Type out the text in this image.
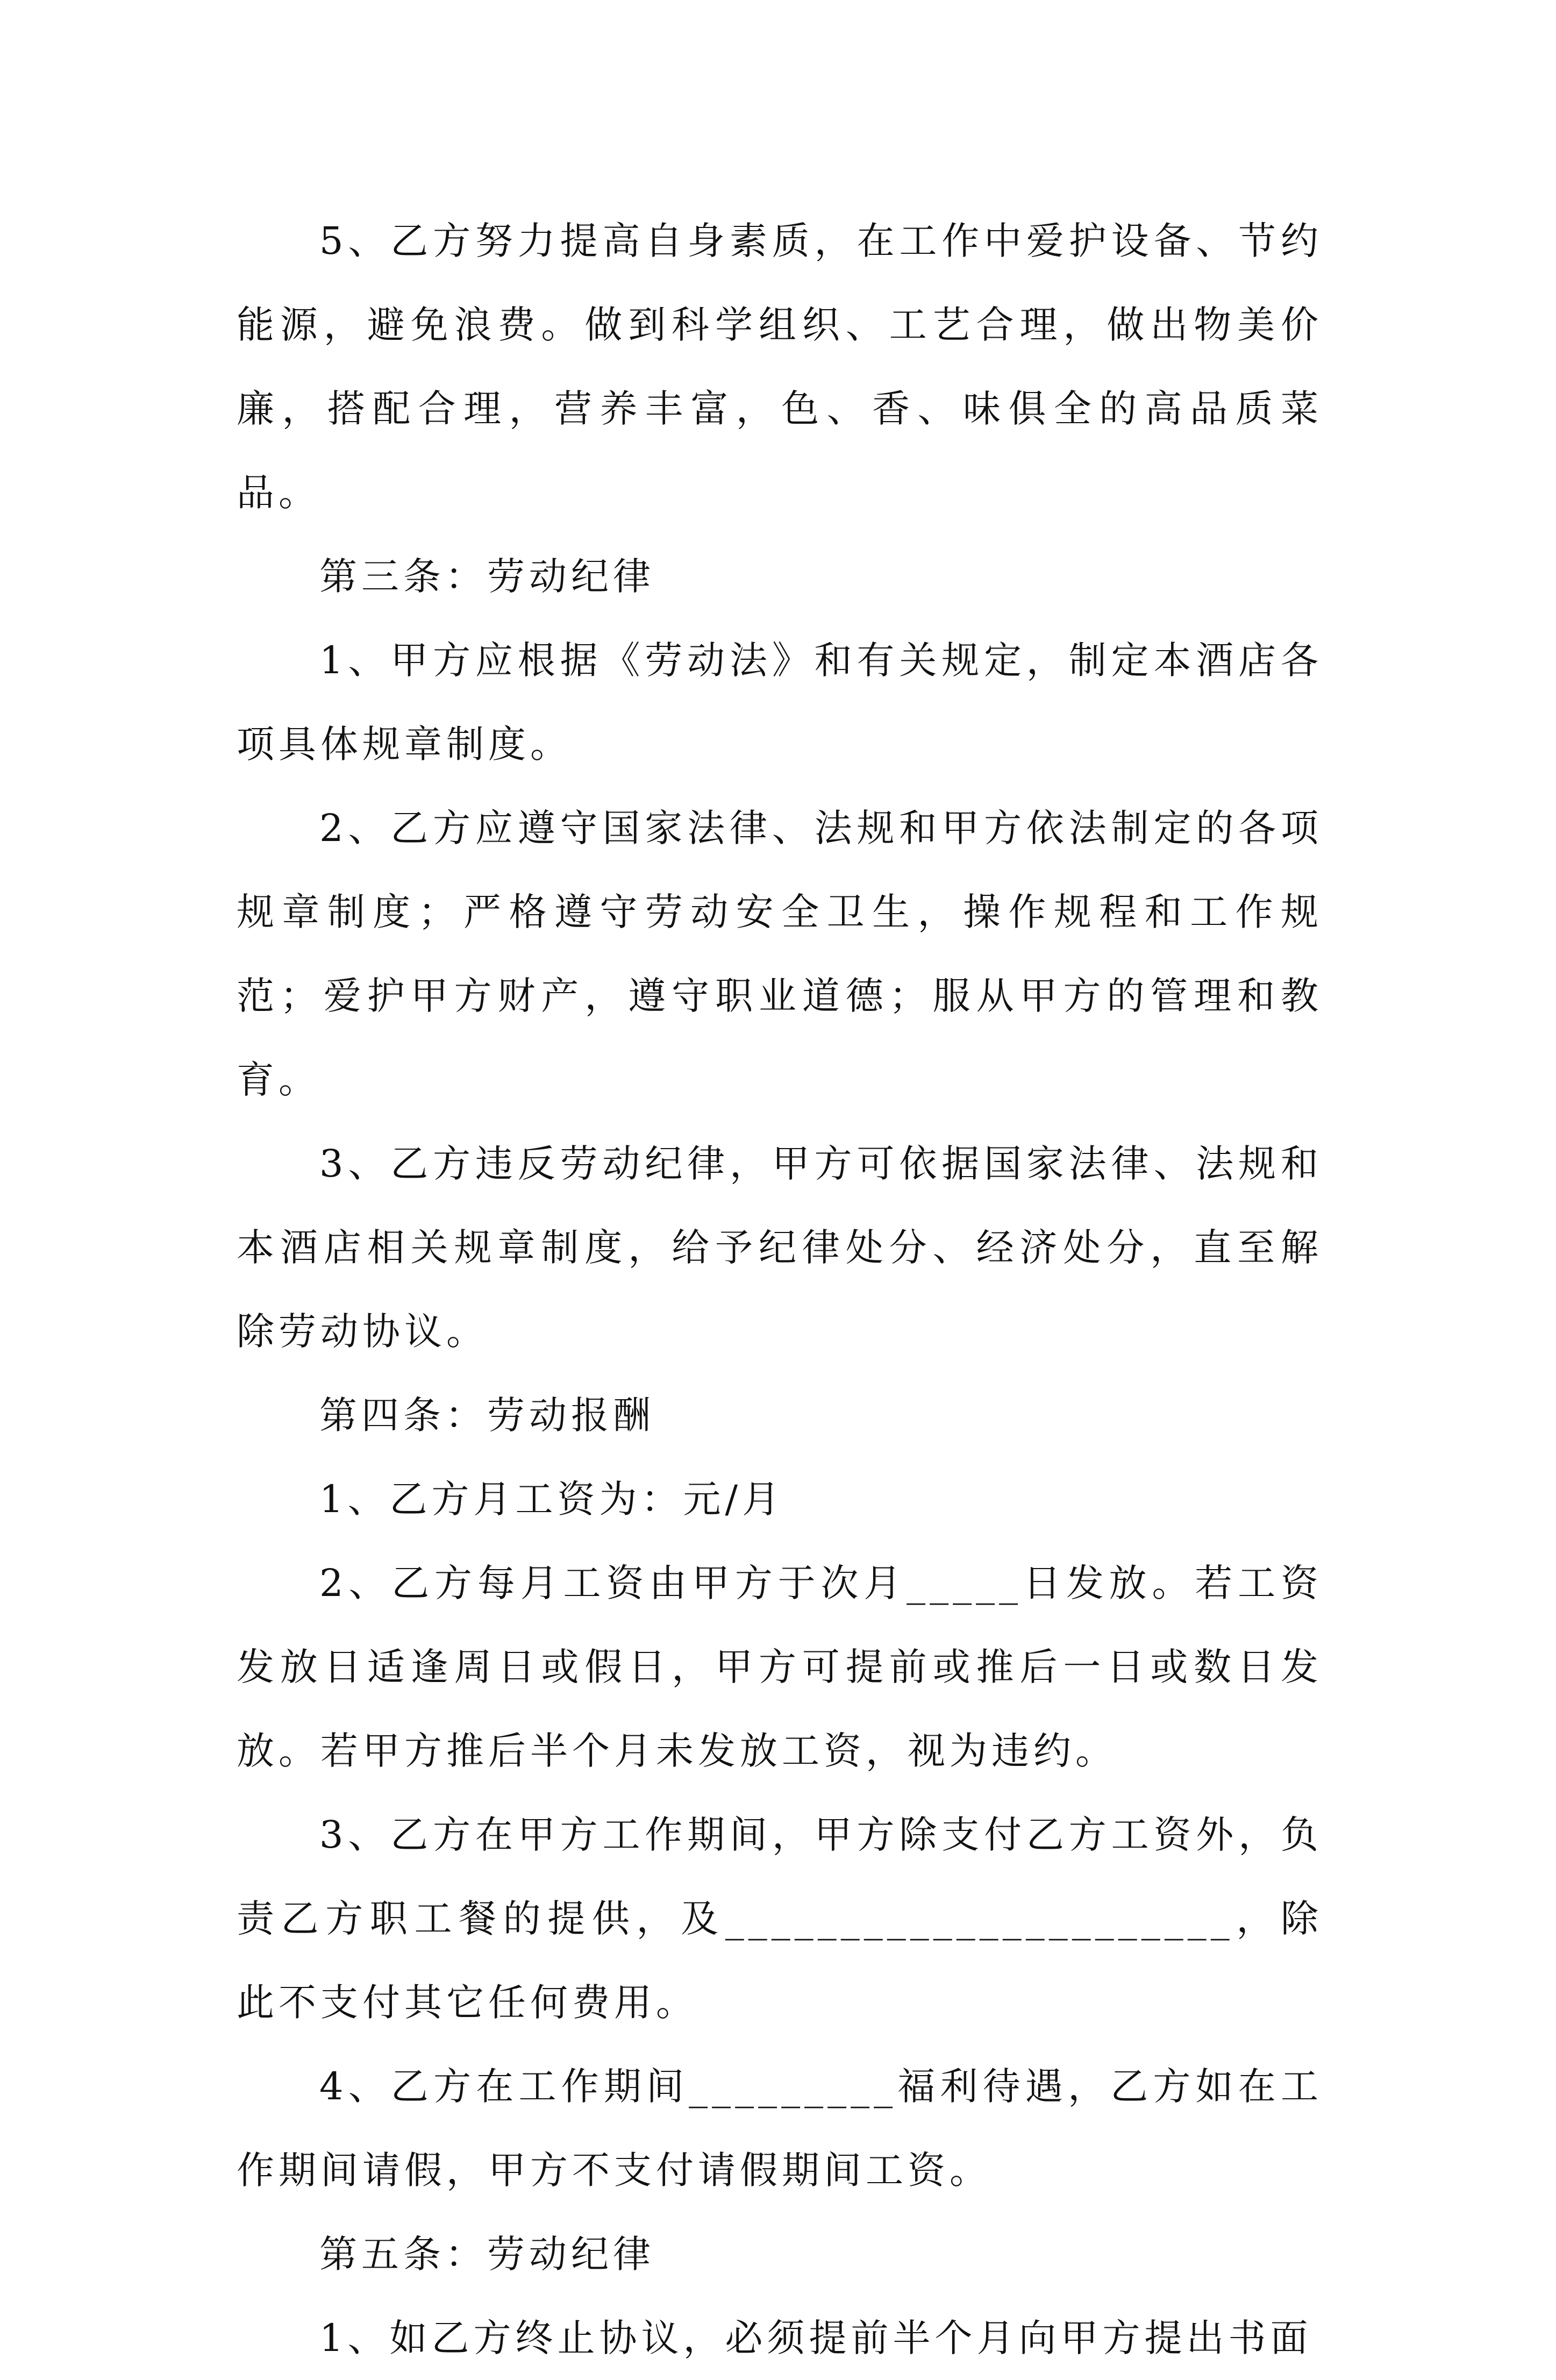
5、乙方努力提高自身素质，在工作中爱护设备、节约能源，避免浪费。做到科学组织、工艺合理，做出物美价廉，搭配合理，营养丰富，色、香、味俱全的高品质菜品。

第三条：劳动纪律

1、甲方应根据《劳动法》和有关规定，制定本酒店各项具体规章制度。

2、乙方应遵守国家法律、法规和甲方依法制定的各项规章制度；严格遵守劳动安全卫生，操作规程和工作规范；爱护甲方财产，遵守职业道德；服从甲方的管理和教育。

3、乙方违反劳动纪律，甲方可依据国家法律、法规和本酒店相关规章制度，给予纪律处分、经济处分，直至解除劳动协议。

第四条：劳动报酬

1、乙方月工资为：元/月

2、乙方每月工资由甲方于次月_____日发放。若工资发放日适逢周日或假日，甲方可提前或推后一日或数日发放。若甲方推后半个月未发放工资，视为违约。

3、乙方在甲方工作期间，甲方除支付乙方工资外，负责乙方职工餐的提供，及______________________，除此不支付其它任何费用。

4、乙方在工作期间_________福利待遇，乙方如在工作期间请假，甲方不支付请假期间工资。

第五条：劳动纪律

1、如乙方终止协议，必须提前半个月向甲方提出书面
